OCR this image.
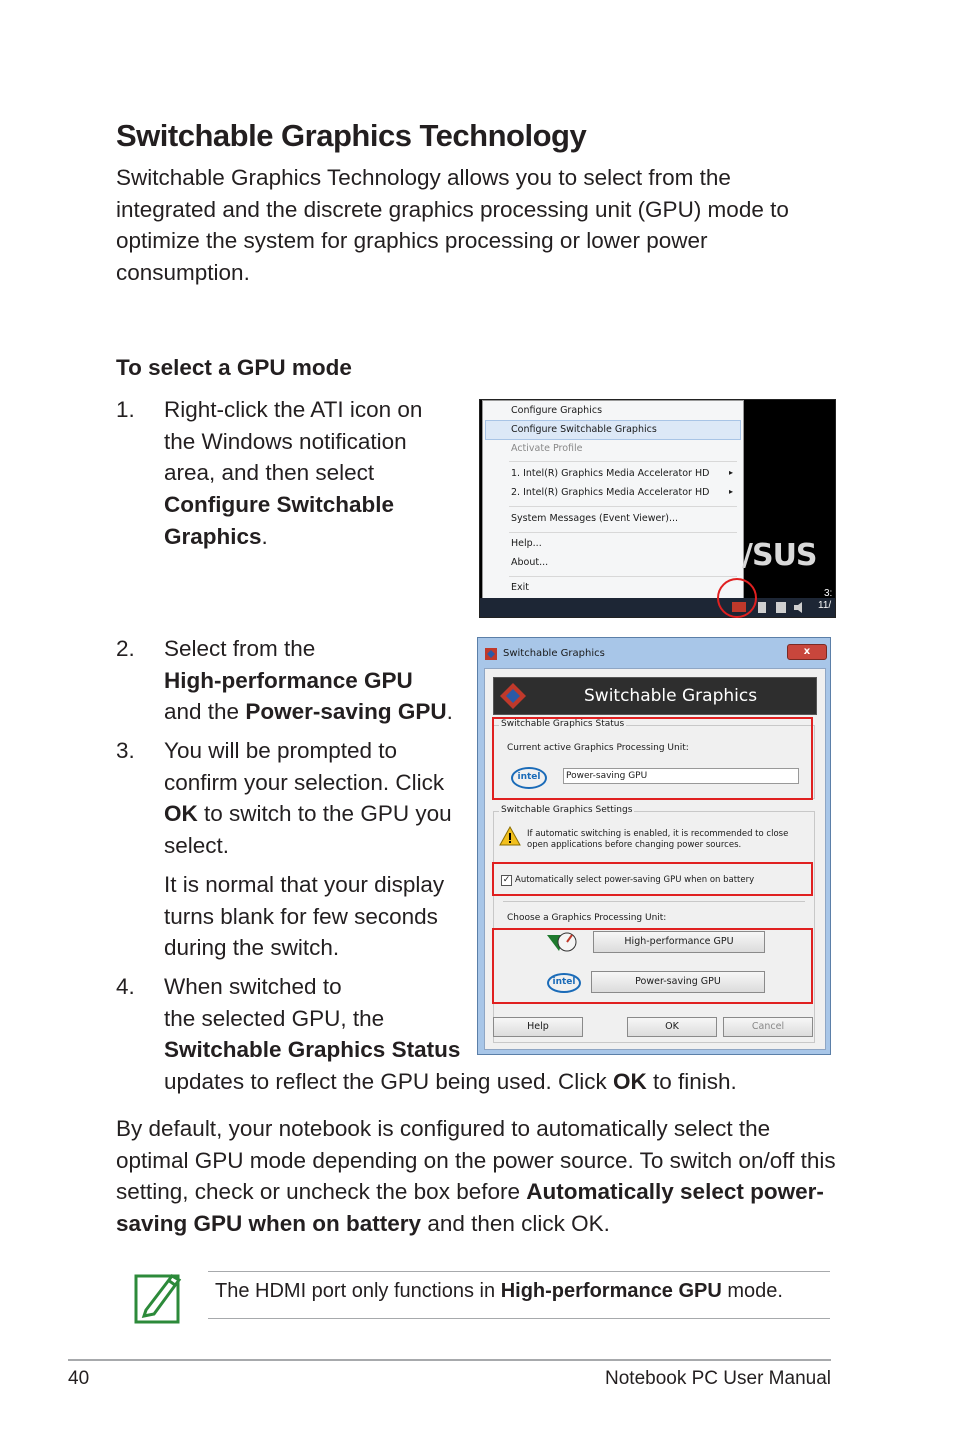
Switchable Graphics Technology
Switchable Graphics Technology allows you to select from the integrated and the discrete graphics processing unit (GPU) mode to optimize the system for graphics processing or lower power consumption.
To select a GPU mode
1.	Right-click the ATI icon on the Windows notification area, and then select Configure Switchable Graphics.
Configure Graphics
Configure Switchable Graphics
Activate Profile
1. Intel(R) Graphics Media Accelerator HD ▸
2. Intel(R) Graphics Media Accelerator HD ▸
System Messages (Event Viewer)...
Help...
About...
Exit
/SUS
3:
11/
2.	Select from the
High-performance GPU
and the Power-saving GPU.
3.	You will be prompted to confirm your selection. Click OK to switch to the GPU you select.
It is normal that your display turns blank for few seconds during the switch.
4.	When switched to
the selected GPU, the
Switchable Graphics Status
updates to reflect the GPU being used. Click OK to finish.
Switchable Graphics	x
Switchable Graphics
Switchable Graphics Status
Current active Graphics Processing Unit:
intel	Power-saving GPU
Switchable Graphics Settings
If automatic switching is enabled, it is recommended to close open applications before changing power sources.
✓ Automatically select power-saving GPU when on battery
Choose a Graphics Processing Unit:
High-performance GPU
intel	Power-saving GPU
Help	OK	Cancel
By default, your notebook is configured to automatically select the optimal GPU mode depending on the power source. To switch on/off this setting, check or uncheck the box before Automatically select power-saving GPU when on battery and then click OK.
The HDMI port only functions in High-performance GPU mode.
40	Notebook PC User Manual
